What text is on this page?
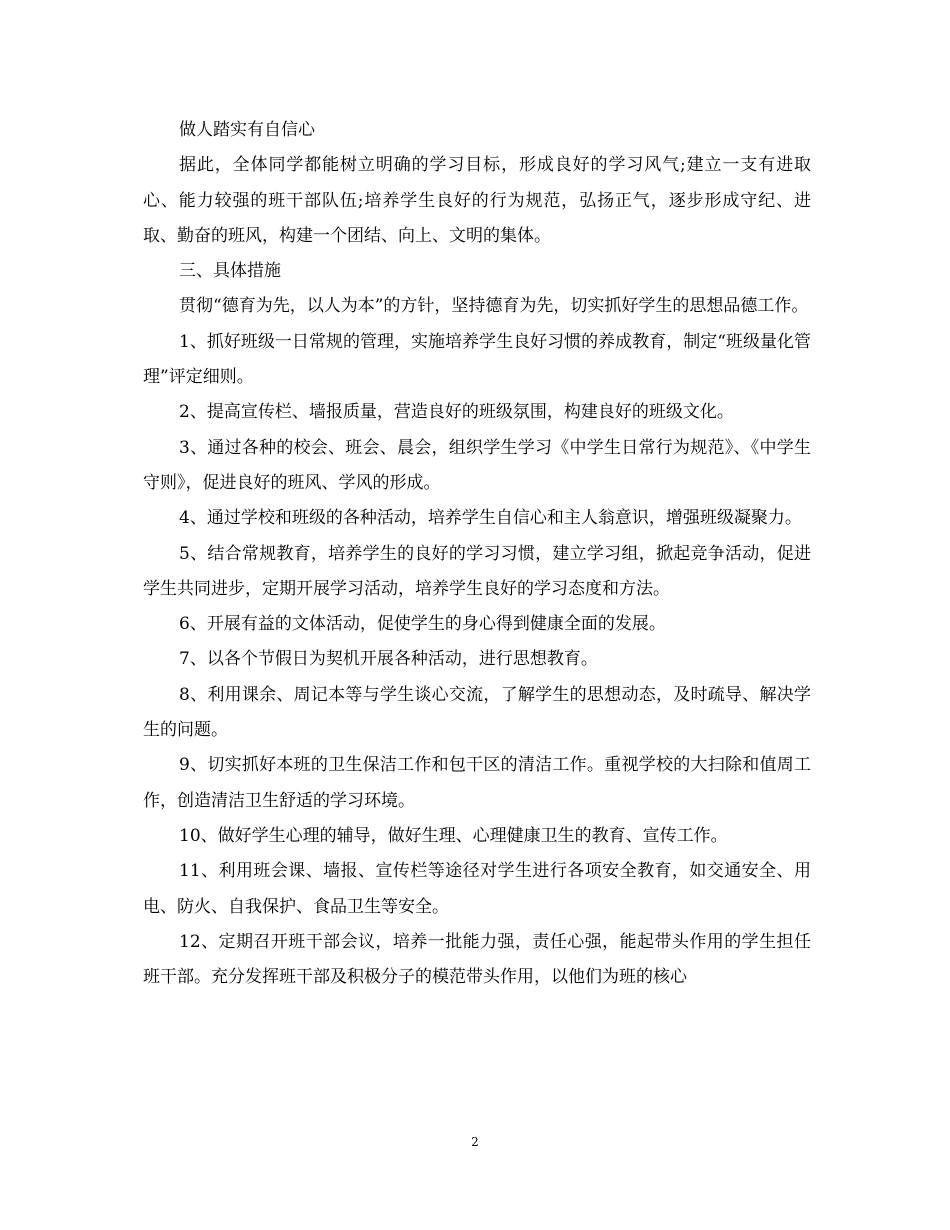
做人踏实有自信心

据此，全体同学都能树立明确的学习目标，形成良好的学习风气;建立一支有进取心、能力较强的班干部队伍;培养学生良好的行为规范，弘扬正气，逐步形成守纪、进取、勤奋的班风，构建一个团结、向上、文明的集体。

三、具体措施

贯彻“德育为先，以人为本”的方针，坚持德育为先，切实抓好学生的思想品德工作。

1、抓好班级一日常规的管理，实施培养学生良好习惯的养成教育，制定“班级量化管理”评定细则。

2、提高宣传栏、墙报质量，营造良好的班级氛围，构建良好的班级文化。

3、通过各种的校会、班会、晨会，组织学生学习《中学生日常行为规范》、《中学生守则》，促进良好的班风、学风的形成。

4、通过学校和班级的各种活动，培养学生自信心和主人翁意识，增强班级凝聚力。

5、结合常规教育，培养学生的良好的学习习惯，建立学习组，掀起竞争活动，促进学生共同进步，定期开展学习活动，培养学生良好的学习态度和方法。

6、开展有益的文体活动，促使学生的身心得到健康全面的发展。

7、以各个节假日为契机开展各种活动，进行思想教育。

8、利用课余、周记本等与学生谈心交流，了解学生的思想动态，及时疏导、解决学生的问题。

9、切实抓好本班的卫生保洁工作和包干区的清洁工作。重视学校的大扫除和值周工作，创造清洁卫生舒适的学习环境。

10、做好学生心理的辅导，做好生理、心理健康卫生的教育、宣传工作。

11、利用班会课、墙报、宣传栏等途径对学生进行各项安全教育，如交通安全、用电、防火、自我保护、食品卫生等安全。

12、定期召开班干部会议，培养一批能力强，责任心强，能起带头作用的学生担任班干部。充分发挥班干部及积极分子的模范带头作用，以他们为班的核心

2
